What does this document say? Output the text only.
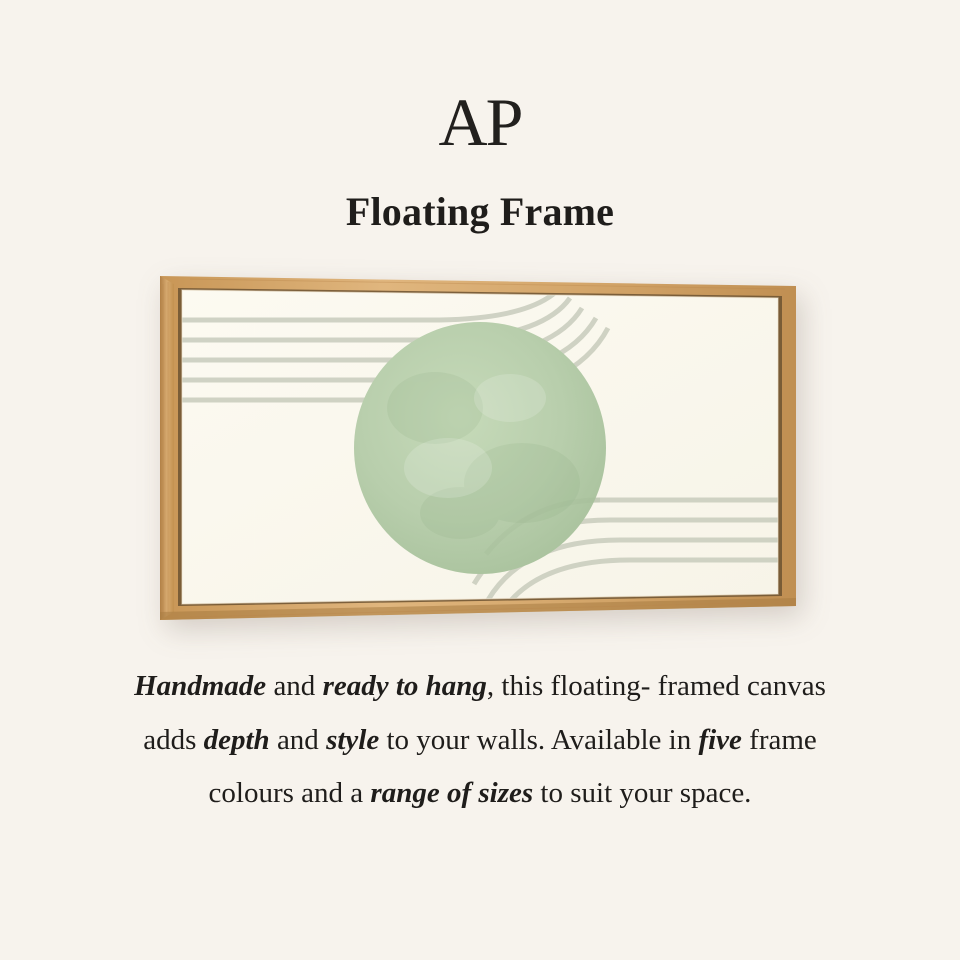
AP
Floating Frame
Handmade and ready to hang, this floating- framed canvas adds depth and style to your walls. Available in five frame colours and a range of sizes to suit your space.
